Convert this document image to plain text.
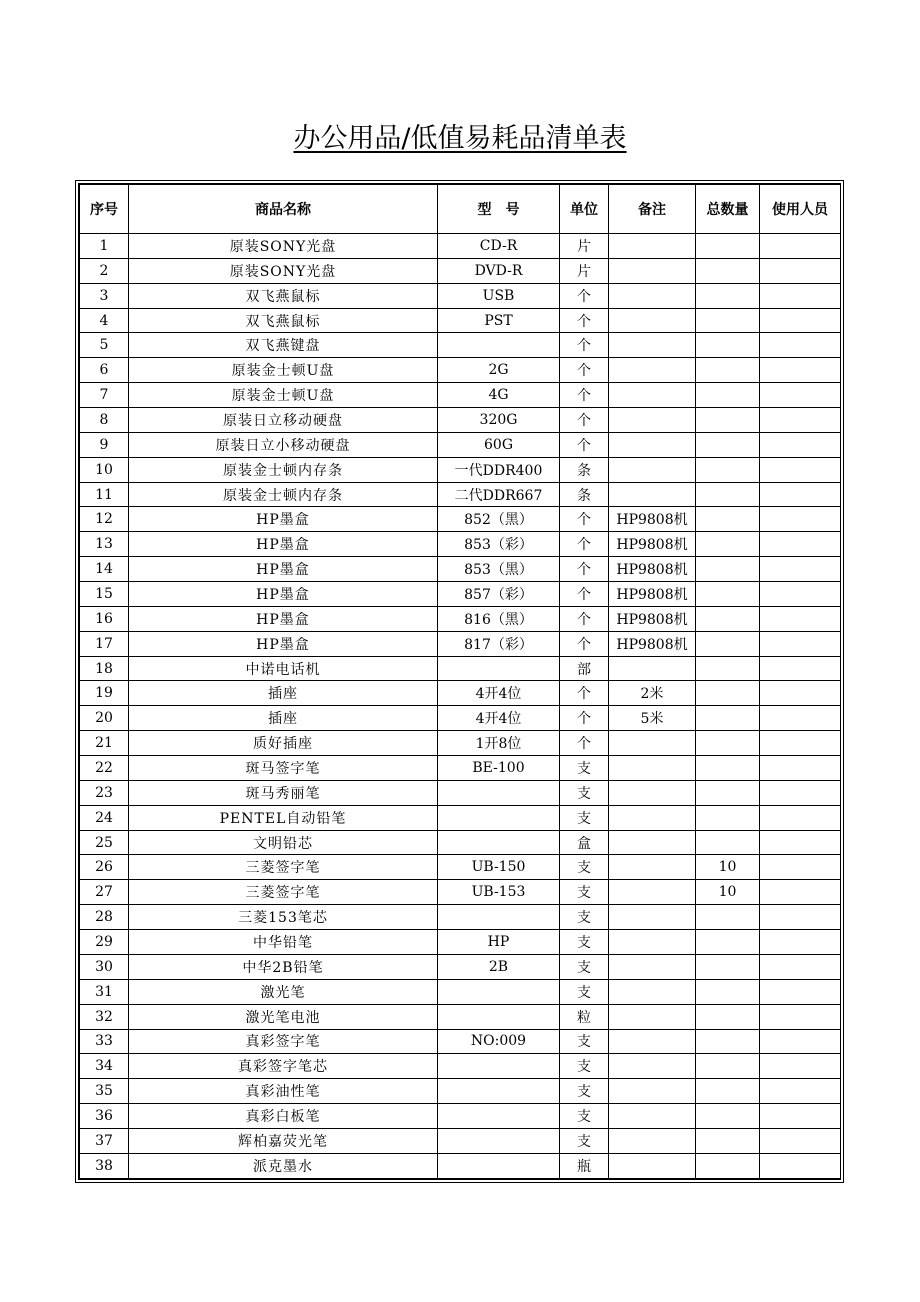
办公用品/低值易耗品清单表
序号	商品名称	型　号	单位	备注	总数量	使用人员
1	原装SONY光盘	CD-R	片			
2	原装SONY光盘	DVD-R	片			
3	双飞燕鼠标	USB	个			
4	双飞燕鼠标	PST	个			
5	双飞燕键盘		个			
6	原装金士顿U盘	2G	个			
7	原装金士顿U盘	4G	个			
8	原装日立移动硬盘	320G	个			
9	原装日立小移动硬盘	60G	个			
10	原装金士顿内存条	一代DDR400	条			
11	原装金士顿内存条	二代DDR667	条			
12	HP墨盒	852（黑）	个	HP9808机		
13	HP墨盒	853（彩）	个	HP9808机		
14	HP墨盒	853（黑）	个	HP9808机		
15	HP墨盒	857（彩）	个	HP9808机		
16	HP墨盒	816（黑）	个	HP9808机		
17	HP墨盒	817（彩）	个	HP9808机		
18	中诺电话机		部			
19	插座	4开4位	个	2米		
20	插座	4开4位	个	5米		
21	质好插座	1开8位	个			
22	斑马签字笔	BE-100	支			
23	斑马秀丽笔		支			
24	PENTEL自动铅笔		支			
25	文明铅芯		盒			
26	三菱签字笔	UB-150	支		10	
27	三菱签字笔	UB-153	支		10	
28	三菱153笔芯		支			
29	中华铅笔	HP	支			
30	中华2B铅笔	2B	支			
31	激光笔		支			
32	激光笔电池		粒			
33	真彩签字笔	NO:009	支			
34	真彩签字笔芯		支			
35	真彩油性笔		支			
36	真彩白板笔		支			
37	辉柏嘉荧光笔		支			
38	派克墨水		瓶			
